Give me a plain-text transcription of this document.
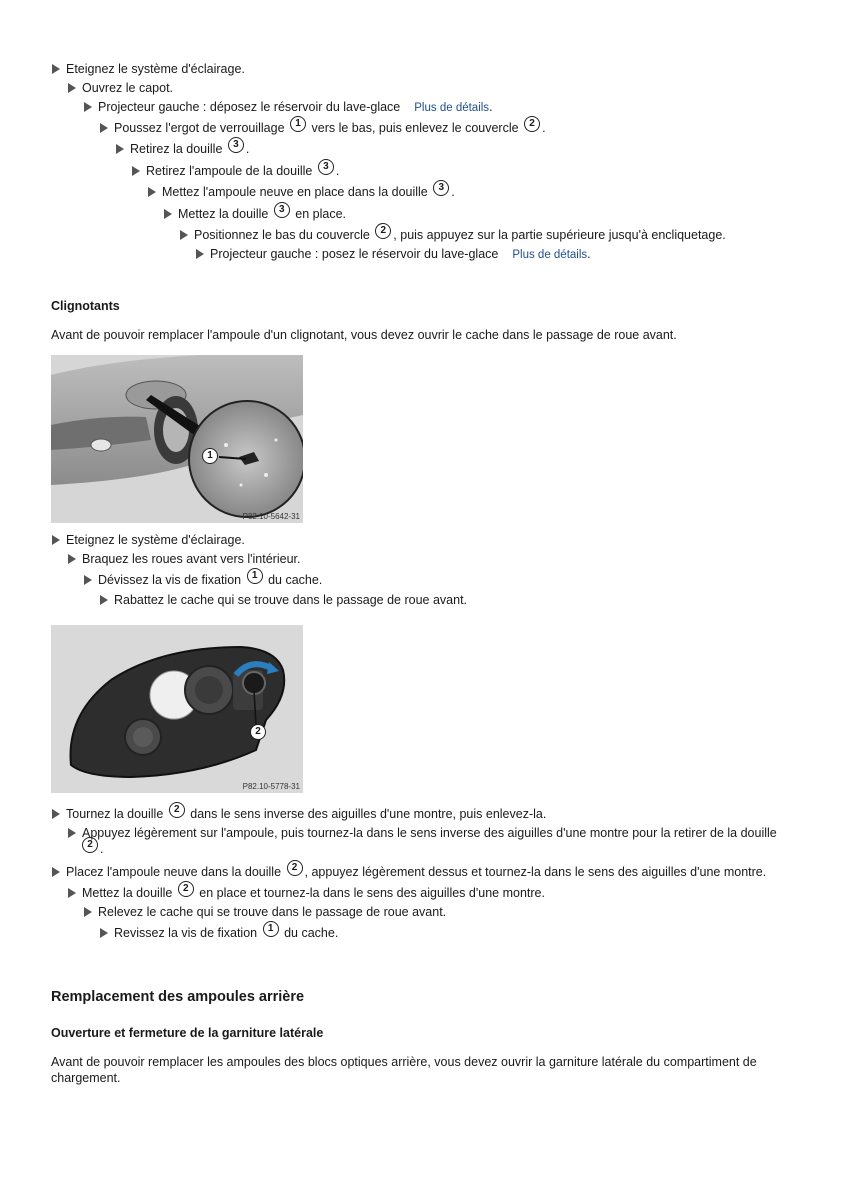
Eteignez le système d'éclairage.
Ouvrez le capot.
Projecteur gauche : déposez le réservoir du lave-glace Plus de détails.
Poussez l'ergot de verrouillage 1 vers le bas, puis enlevez le couvercle 2 .
Retirez la douille 3 .
Retirez l'ampoule de la douille 3 .
Mettez l'ampoule neuve en place dans la douille 3 .
Mettez la douille 3 en place.
Positionnez le bas du couvercle 2 , puis appuyez sur la partie supérieure jusqu'à encliquetage.
Projecteur gauche : posez le réservoir du lave-glace Plus de détails.
Clignotants
Avant de pouvoir remplacer l'ampoule d'un clignotant, vous devez ouvrir le cache dans le passage de roue avant.
1
P82.10-5642-31
Eteignez le système d'éclairage.
Braquez les roues avant vers l'intérieur.
Dévissez la vis de fixation 1 du cache.
Rabattez le cache qui se trouve dans le passage de roue avant.
2
P82.10-5778-31
Tournez la douille 2 dans le sens inverse des aiguilles d'une montre, puis enlevez-la.
Appuyez légèrement sur l'ampoule, puis tournez-la dans le sens inverse des aiguilles d'une montre pour la retirer de la douille
2 .
Placez l'ampoule neuve dans la douille 2 , appuyez légèrement dessus et tournez-la dans le sens des aiguilles d'une montre.
Mettez la douille 2 en place et tournez-la dans le sens des aiguilles d'une montre.
Relevez le cache qui se trouve dans le passage de roue avant.
Revissez la vis de fixation 1 du cache.
Remplacement des ampoules arrière
Ouverture et fermeture de la garniture latérale
Avant de pouvoir remplacer les ampoules des blocs optiques arrière, vous devez ouvrir la garniture latérale du compartiment de chargement.
